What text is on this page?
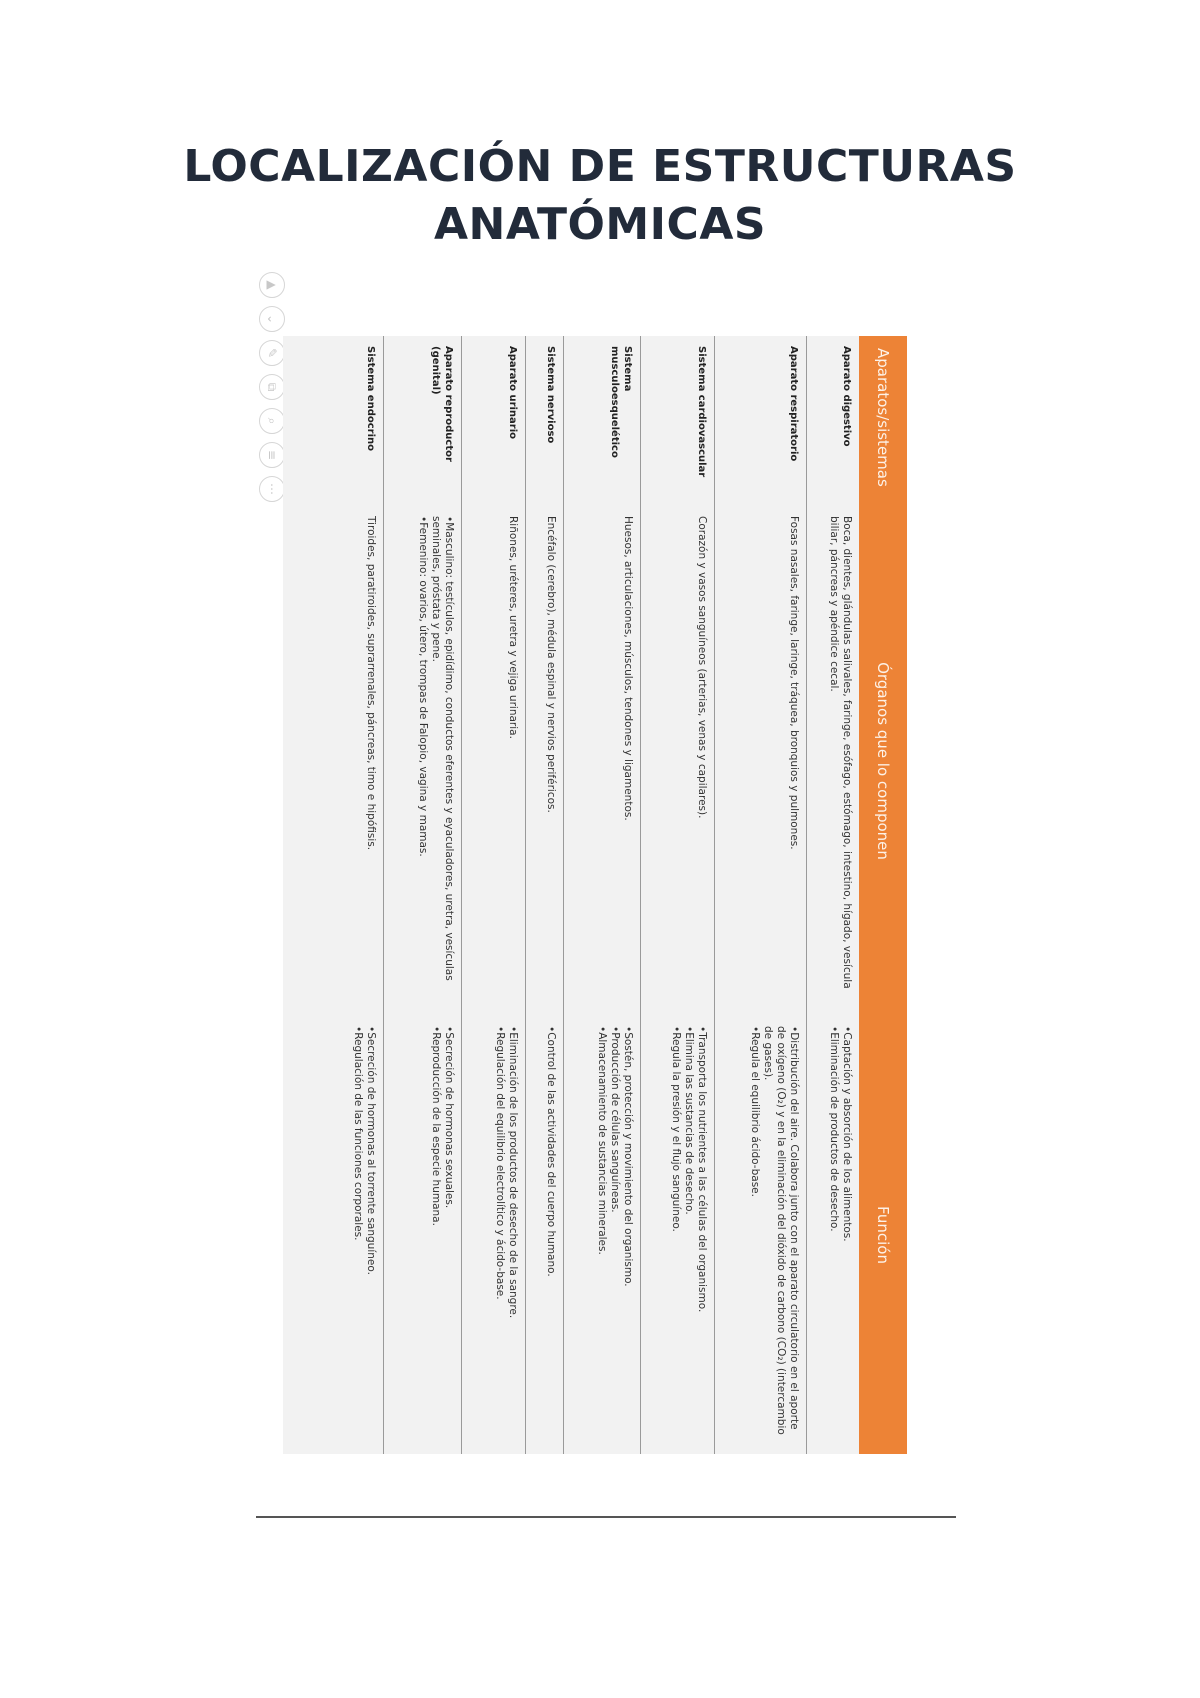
LOCALIZACIÓN DE ESTRUCTURAS
ANATÓMICAS
▲
⌄
✎
⧉
⌕
≡
⋯
Aparatos/sistemas	Órganos que lo componen	Función
Aparato digestivo	Boca, dientes, glándulas salivales, faringe, esófago, estómago, intestino, hígado, vesícula biliar, páncreas y apéndice cecal.	•Captación y absorción de los alimentos.
•Eliminación de productos de desecho.

Aparato respiratorio	Fosas nasales, faringe, laringe, tráquea, bronquios y pulmones.	•Distribución del aire. Colabora junto con el aparato circulatorio en el aporte de oxígeno (O₂) y en la eliminación del dióxido de carbono (CO₂) (intercambio de gases).
•Regula el equilibrio ácido-base.

Sistema cardiovascular	Corazón y vasos sanguíneos (arterias, venas y capilares).	•Transporta los nutrientes a las células del organismo.
•Elimina las sustancias de desecho.
•Regula la presión y el flujo sanguíneo.

Sistema musculoesquelético	Huesos, articulaciones, músculos, tendones y ligamentos.	•Sostén, protección y movimiento del organismo.
•Producción de células sanguíneas.
•Almacenamiento de sustancias minerales.

Sistema nervioso	Encéfalo (cerebro), médula espinal y nervios periféricos.	•Control de las actividades del cuerpo humano.

Aparato urinario	Riñones, uréteres, uretra y vejiga urinaria.	•Eliminación de los productos de desecho de la sangre.
•Regulación del equilibrio electrolítico y ácido-base.

Aparato reproductor (genital)	•Masculino: testículos, epidídimo, conductos eferentes y eyaculadores, uretra, vesículas seminales, próstata y pene.
•Femenino: ovarios, útero, trompas de Falopio, vagina y mamas.	•Secreción de hormonas sexuales.
•Reproducción de la especie humana.

Sistema endocrino	Tiroides, paratiroides, suprarrenales, páncreas, timo e hipófisis.	•Secreción de hormonas al torrente sanguíneo.
•Regulación de las funciones corporales.
